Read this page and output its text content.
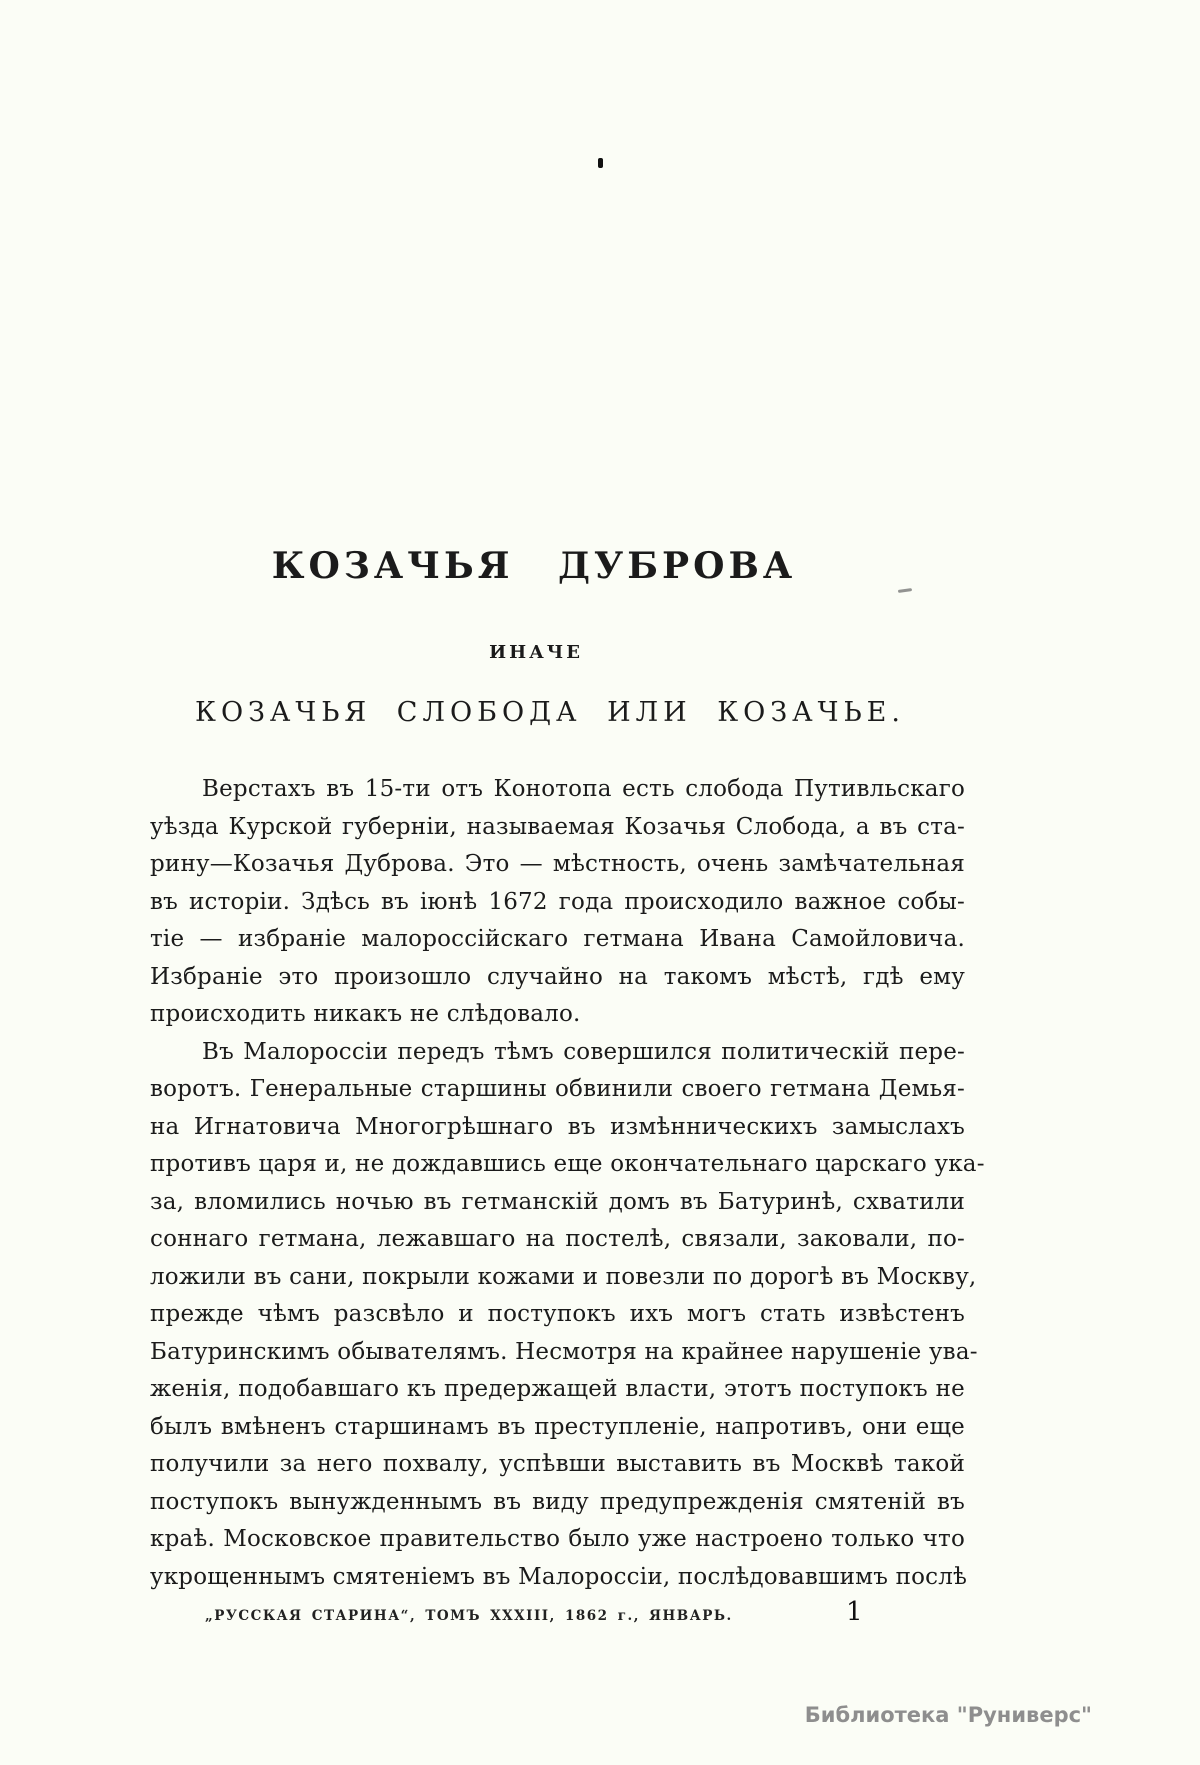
КОЗАЧЬЯ ДУБРОВА
ИНАЧЕ
КОЗАЧЬЯ СЛОБОДА ИЛИ КОЗАЧЬЕ.
Верстахъ въ 15-ти отъ Конотопа есть слобода Путивльскаго
уѣзда Курской губерніи, называемая Козачья Слобода, а въ ста-
рину—Козачья Дуброва. Это — мѣстность, очень замѣчательная
въ исторіи. Здѣсь въ іюнѣ 1672 года происходило важное собы-
тіе — избраніе малороссійскаго гетмана Ивана Самойловича.
Избраніе это произошло случайно на такомъ мѣстѣ, гдѣ ему
происходить никакъ не слѣдовало.
Въ Малороссіи передъ тѣмъ совершился политическій пере-
воротъ. Генеральные старшины обвинили своего гетмана Демья-
на Игнатовича Многогрѣшнаго въ измѣнническихъ замыслахъ
противъ царя и, не дождавшись еще окончательнаго царскаго ука-
за, вломились ночью въ гетманскій домъ въ Батуринѣ, схватили
соннаго гетмана, лежавшаго на постелѣ, связали, заковали, по-
ложили въ сани, покрыли кожами и повезли по дорогѣ въ Москву,
прежде чѣмъ разсвѣло и поступокъ ихъ могъ стать извѣстенъ
Батуринскимъ обывателямъ. Несмотря на крайнее нарушеніе ува-
женія, подобавшаго къ предержащей власти, этотъ поступокъ не
былъ вмѣненъ старшинамъ въ преступленіе, напротивъ, они еще
получили за него похвалу, успѣвши выставить въ Москвѣ такой
поступокъ вынужденнымъ въ виду предупрежденія смятеній въ
краѣ. Московское правительство было уже настроено только что
укрощеннымъ смятеніемъ въ Малороссіи, послѣдовавшимъ послѣ
„РУССКАЯ СТАРИНА“, ТОМЪ XXXIII, 1862 г., ЯНВАРЬ.	1
Библиотека "Руниверс"
